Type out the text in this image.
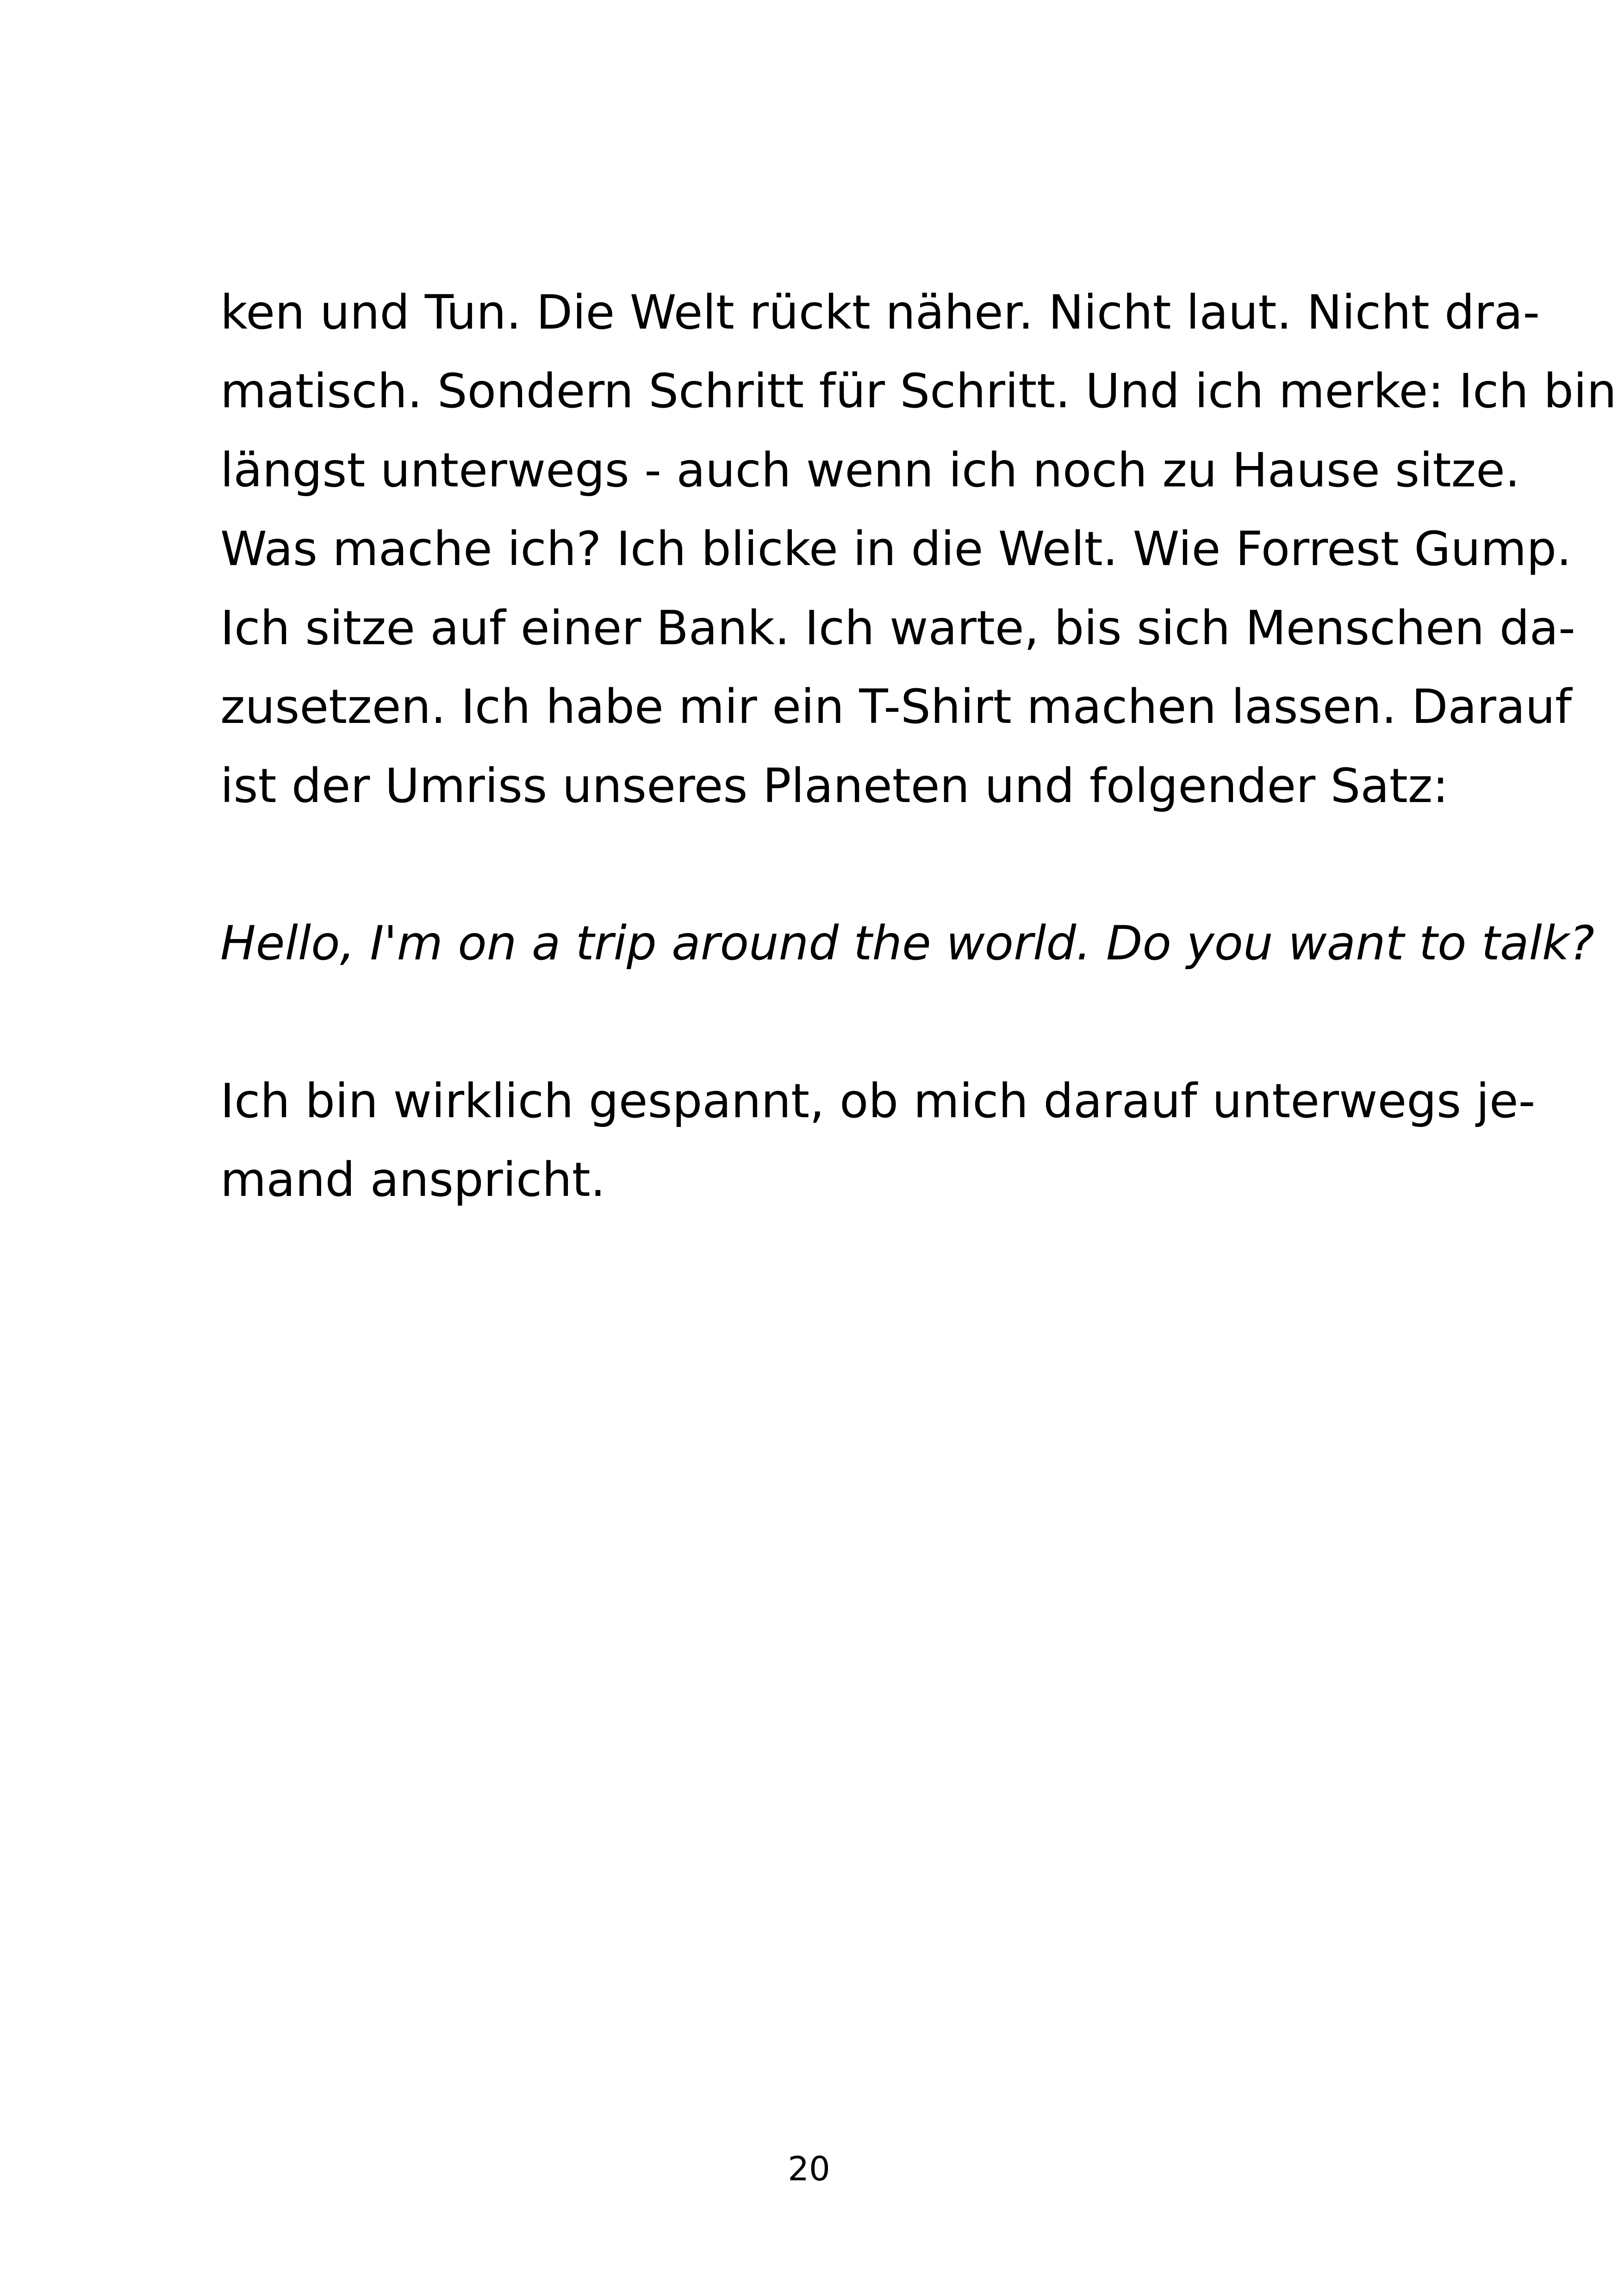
ken und Tun. Die Welt rückt näher. Nicht laut. Nicht dra-
matisch. Sondern Schritt für Schritt. Und ich merke: Ich bin
längst unterwegs - auch wenn ich noch zu Hause sitze.
Was mache ich? Ich blicke in die Welt. Wie Forrest Gump.
Ich sitze auf einer Bank. Ich warte, bis sich Menschen da-
zusetzen. Ich habe mir ein T-Shirt machen lassen. Darauf
ist der Umriss unseres Planeten und folgender Satz:
Hello, I'm on a trip around the world. Do you want to talk?
Ich bin wirklich gespannt, ob mich darauf unterwegs je-
mand anspricht.
20
